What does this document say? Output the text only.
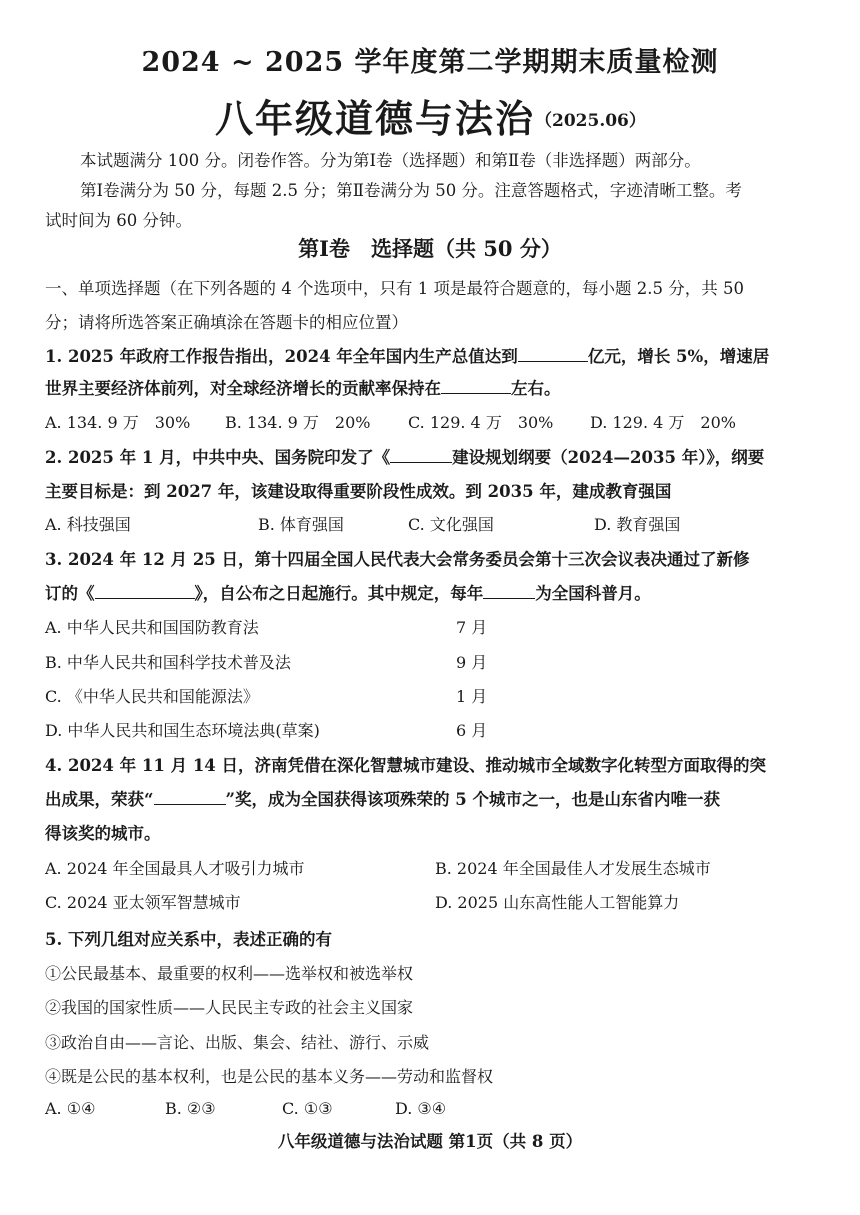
2024 ~ 2025 学年度第二学期期末质量检测
八年级道德与法治 （2025.06）
本试题满分 100 分。闭卷作答。分为第Ⅰ卷（选择题）和第Ⅱ卷（非选择题）两部分。
第Ⅰ卷满分为 50 分，每题 2.5 分；第Ⅱ卷满分为 50 分。注意答题格式，字迹清晰工整。考
试时间为 60 分钟。
第Ⅰ卷　选择题（共 50 分）
一、单项选择题（在下列各题的 4 个选项中，只有 1 项是最符合题意的，每小题 2.5 分，共 50
分；请将所选答案正确填涂在答题卡的相应位置）
1. 2025 年政府工作报告指出，2024 年全年国内生产总值达到	亿元，增长 5%，增速居
世界主要经济体前列，对全球经济增长的贡献率保持在	左右。
A. 134. 9 万　30% B. 134. 9 万　20% C. 129. 4 万　30% D. 129. 4 万　20%
2. 2025 年 1 月，中共中央、国务院印发了《	建设规划纲要（2024—2035 年）》，纲要
主要目标是：到 2027 年，该建设取得重要阶段性成效。到 2035 年，建成教育强国
A. 科技强国	B. 体育强国	C. 文化强国	D. 教育强国
3. 2024 年 12 月 25 日，第十四届全国人民代表大会常务委员会第十三次会议表决通过了新修
订的《	》，自公布之日起施行。其中规定，每年	为全国科普月。
A. 中华人民共和国国防教育法	7 月
B. 中华人民共和国科学技术普及法	9 月
C. 《中华人民共和国能源法》	1 月
D. 中华人民共和国生态环境法典(草案)	6 月
4. 2024 年 11 月 14 日，济南凭借在深化智慧城市建设、推动城市全域数字化转型方面取得的突
出成果，荣获“	”奖，成为全国获得该项殊荣的 5 个城市之一，也是山东省内唯一获
得该奖的城市。
A. 2024 年全国最具人才吸引力城市	B. 2024 年全国最佳人才发展生态城市
C. 2024 亚太领军智慧城市	D. 2025 山东高性能人工智能算力
5. 下列几组对应关系中，表述正确的有
①公民最基本、最重要的权利——选举权和被选举权
②我国的国家性质——人民民主专政的社会主义国家
③政治自由——言论、出版、集会、结社、游行、示威
④既是公民的基本权利，也是公民的基本义务——劳动和监督权
A. ①④	B. ②③	C. ①③	D. ③④
八年级道德与法治试题 第1页（共 8 页）
